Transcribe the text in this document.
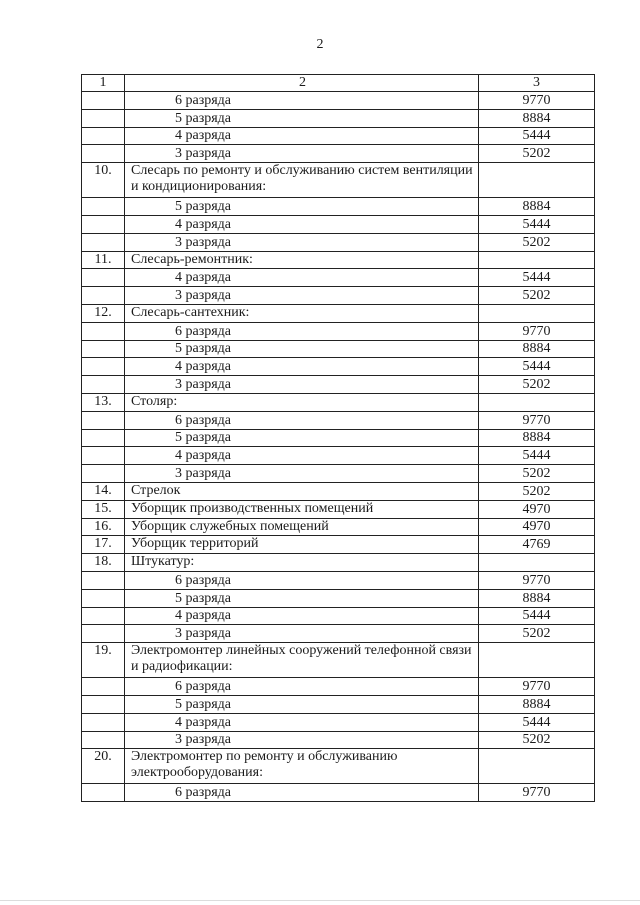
2
1	2	3
	6 разряда	9770
	5 разряда	8884
	4 разряда	5444
	3 разряда	5202
10.	Слесарь по ремонту и обслуживанию систем вентиляции и кондиционирования:	
	5 разряда	8884
	4 разряда	5444
	3 разряда	5202
11.	Слесарь-ремонтник:	
	4 разряда	5444
	3 разряда	5202
12.	Слесарь-сантехник:	
	6 разряда	9770
	5 разряда	8884
	4 разряда	5444
	3 разряда	5202
13.	Столяр:	
	6 разряда	9770
	5 разряда	8884
	4 разряда	5444
	3 разряда	5202
14.	Стрелок	5202
15.	Уборщик производственных помещений	4970
16.	Уборщик служебных помещений	4970
17.	Уборщик территорий	4769
18.	Штукатур:	
	6 разряда	9770
	5 разряда	8884
	4 разряда	5444
	3 разряда	5202
19.	Электромонтер линейных сооружений телефонной связи и радиофикации:	
	6 разряда	9770
	5 разряда	8884
	4 разряда	5444
	3 разряда	5202
20.	Электромонтер по ремонту и обслуживанию электрооборудования:	
	6 разряда	9770
